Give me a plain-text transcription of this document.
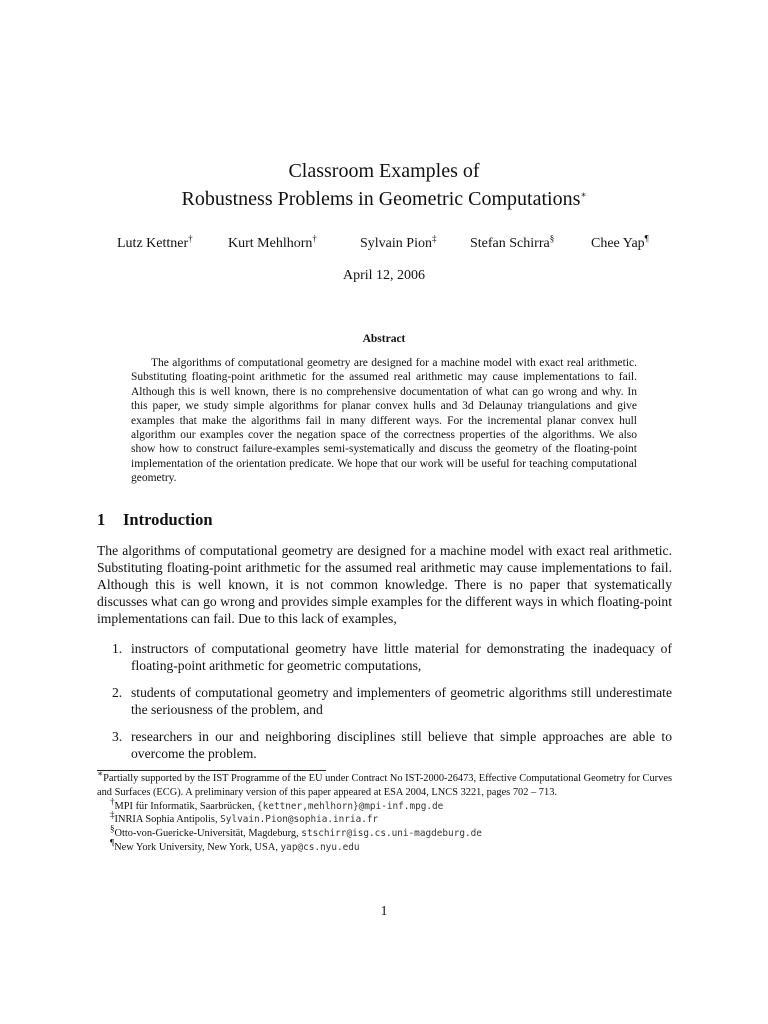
Classroom Examples of
Robustness Problems in Geometric Computations∗
Lutz Kettner†	Kurt Mehlhorn†	Sylvain Pion‡ Stefan Schirra§	Chee Yap¶
April 12, 2006
Abstract

The algorithms of computational geometry are designed for a machine model with exact real arithmetic. Substituting floating-point arithmetic for the assumed real arithmetic may cause implementations to fail. Although this is well known, there is no comprehensive documentation of what can go wrong and why. In this paper, we study simple algorithms for planar convex hulls and 3d Delaunay triangulations and give examples that make the algorithms fail in many different ways. For the incremental planar convex hull algorithm our examples cover the negation space of the correctness properties of the algorithms. We also show how to construct failure-examples semi-systematically and discuss the geometry of the floating-point implementation of the orientation predicate. We hope that our work will be useful for teaching computational geometry.

1 Introduction

The algorithms of computational geometry are designed for a machine model with exact real arithmetic. Substituting floating-point arithmetic for the assumed real arithmetic may cause implementations to fail. Although this is well known, it is not common knowledge. There is no paper that systematically discusses what can go wrong and provides simple examples for the different ways in which floating-point implementations can fail. Due to this lack of examples,

1. instructors of computational geometry have little material for demonstrating the inadequacy of floating-point arithmetic for geometric computations,

2. students of computational geometry and implementers of geometric algorithms still underestimate the seriousness of the problem, and

3. researchers in our and neighboring disciplines still believe that simple approaches are able to overcome the problem.

∗Partially supported by the IST Programme of the EU under Contract No IST-2000-26473, Effective Computational Geometry for Curves and Surfaces (ECG). A preliminary version of this paper appeared at ESA 2004, LNCS 3221, pages 702 – 713.

†MPI für Informatik, Saarbrücken, {kettner,mehlhorn}@mpi-inf.mpg.de

‡INRIA Sophia Antipolis, Sylvain.Pion@sophia.inria.fr

§Otto-von-Guericke-Universität, Magdeburg, stschirr@isg.cs.uni-magdeburg.de

¶New York University, New York, USA, yap@cs.nyu.edu

1
